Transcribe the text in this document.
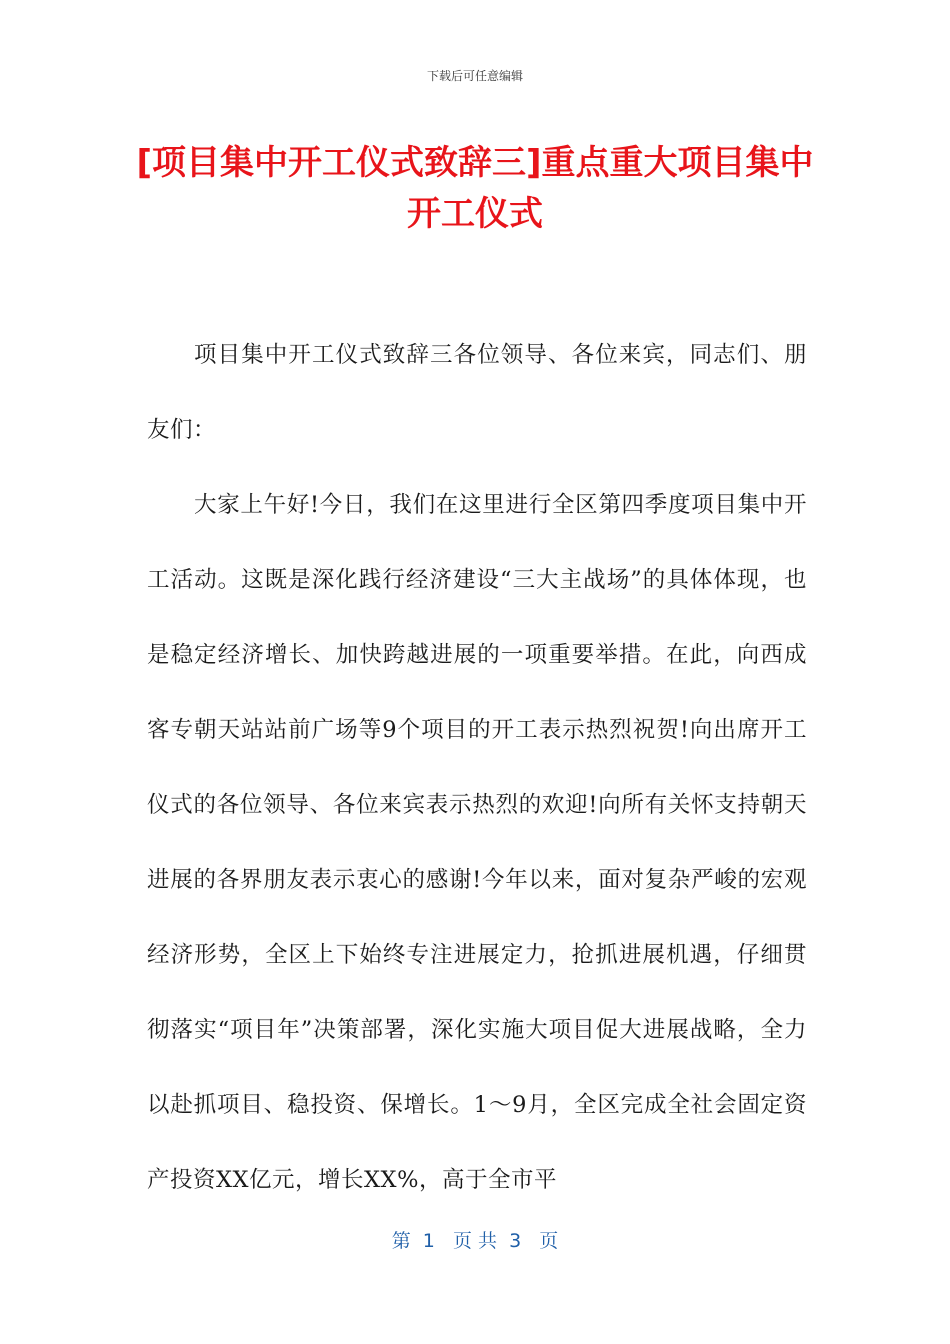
下载后可任意编辑
[项目集中开工仪式致辞三]重点重大项目集中开工仪式

项目集中开工仪式致辞三各位领导、各位来宾，同志们、朋友们：

大家上午好!今日，我们在这里进行全区第四季度项目集中开工活动。这既是深化践行经济建设“三大主战场”的具体体现，也是稳定经济增长、加快跨越进展的一项重要举措。在此，向西成客专朝天站站前广场等9个项目的开工表示热烈祝贺!向出席开工仪式的各位领导、各位来宾表示热烈的欢迎!向所有关怀支持朝天进展的各界朋友表示衷心的感谢!今年以来，面对复杂严峻的宏观经济形势，全区上下始终专注进展定力，抢抓进展机遇，仔细贯彻落实“项目年”决策部署，深化实施大项目促大进展战略，全力以赴抓项目、稳投资、保增长。1～9月，全区完成全社会固定资产投资XX亿元，增长XX%，高于全市平

第  1   页 共  3   页
